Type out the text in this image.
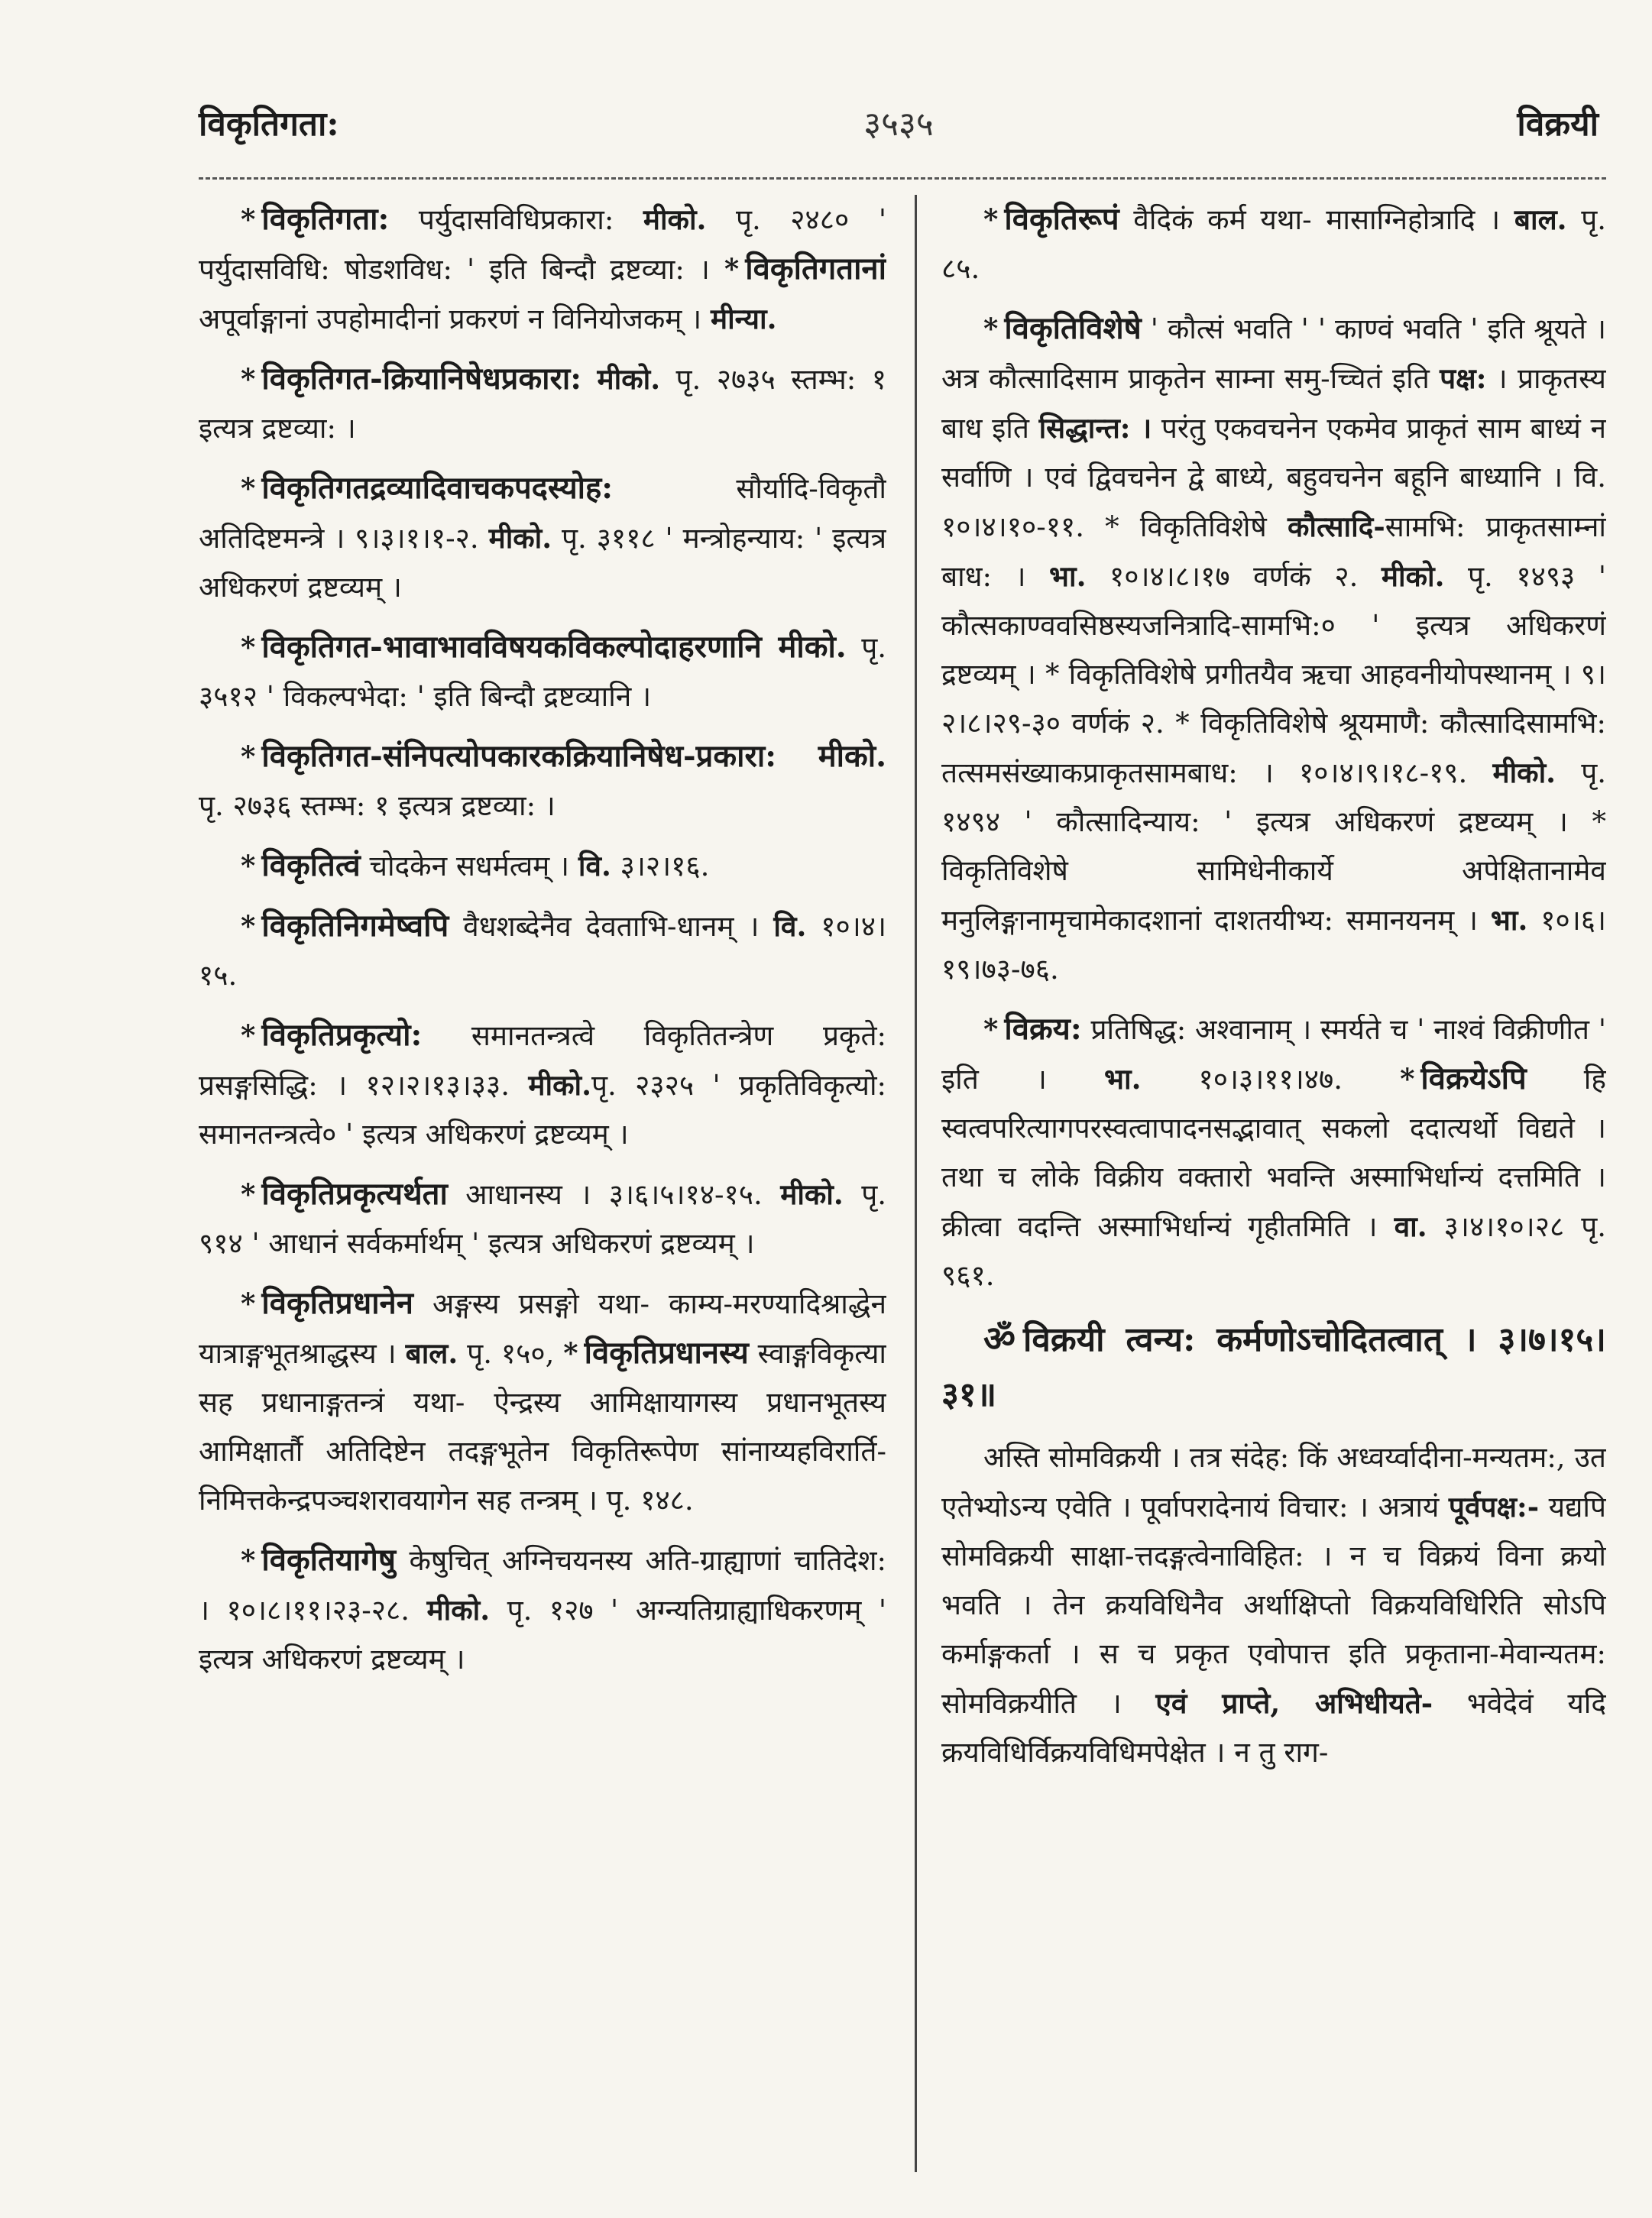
विकृतिगता:	३५३५	विक्रयी

* विकृतिगता: पर्युदासविधिप्रकारा: मीको. पृ. २४८० ' पर्युदासविधि: षोडशविध: ' इति बिन्दौ द्रष्टव्या: । * विकृतिगतानां अपूर्वाङ्गानां उपहोमादीनां प्रकरणं न विनियोजकम् । मीन्या.

* विकृतिगत-क्रियानिषेधप्रकारा: मीको. पृ. २७३५ स्तम्भ: १ इत्यत्र द्रष्टव्या: ।

* विकृतिगतद्रव्यादिवाचकपदस्योह: सौर्यादि-विकृतौ अतिदिष्टमन्त्रे । ९।३।१।१-२. मीको. पृ. ३११८ ' मन्त्रोहन्याय: ' इत्यत्र अधिकरणं द्रष्टव्यम् ।

* विकृतिगत-भावाभावविषयकविकल्पोदाहरणानि मीको. पृ. ३५१२ ' विकल्पभेदा: ' इति बिन्दौ द्रष्टव्यानि ।

* विकृतिगत-संनिपत्योपकारकक्रियानिषेध-प्रकारा: मीको. पृ. २७३६ स्तम्भ: १ इत्यत्र द्रष्टव्या: ।

* विकृतित्वं चोदकेन सधर्मत्वम् । वि. ३।२।१६.

* विकृतिनिगमेष्वपि वैधशब्देनैव देवताभि-धानम् । वि. १०।४।१५.

* विकृतिप्रकृत्यो: समानतन्त्रत्वे विकृतितन्त्रेण प्रकृते: प्रसङ्गसिद्धि: । १२।२।१३।३३. मीको.पृ. २३२५ ' प्रकृतिविकृत्यो: समानतन्त्रत्वे० ' इत्यत्र अधिकरणं द्रष्टव्यम् ।

* विकृतिप्रकृत्यर्थता आधानस्य । ३।६।५।१४-१५. मीको. पृ. ९१४ ' आधानं सर्वकर्मार्थम् ' इत्यत्र अधिकरणं द्रष्टव्यम् ।

* विकृतिप्रधानेन अङ्गस्य प्रसङ्गो यथा- काम्य-मरण्यादिश्राद्धेन यात्राङ्गभूतश्राद्धस्य । बाल. पृ. १५०, * विकृतिप्रधानस्य स्वाङ्गविकृत्या सह प्रधानाङ्गतन्त्रं यथा- ऐन्द्रस्य आमिक्षायागस्य प्रधानभूतस्य आमिक्षार्तौ अतिदिष्टेन तदङ्गभूतेन विकृतिरूपेण सांनाय्यहविरार्ति-निमित्तकेन्द्रपञ्चशरावयागेन सह तन्त्रम् । पृ. १४८.

* विकृतियागेषु केषुचित् अग्निचयनस्य अति-ग्राह्याणां चातिदेश: । १०।८।११।२३-२८. मीको. पृ. १२७ ' अग्न्यतिग्राह्याधिकरणम् ' इत्यत्र अधिकरणं द्रष्टव्यम् ।

* विकृतिरूपं वैदिकं कर्म यथा- मासाग्निहोत्रादि । बाल. पृ. ८५.

* विकृतिविशेषे ' कौत्सं भवति ' ' काण्वं भवति ' इति श्रूयते । अत्र कौत्सादिसाम प्राकृतेन साम्ना समु-च्चितं इति पक्ष: । प्राकृतस्य बाध इति सिद्धान्त: । परंतु एकवचनेन एकमेव प्राकृतं साम बाध्यं न सर्वाणि । एवं द्विवचनेन द्वे बाध्ये, बहुवचनेन बहूनि बाध्यानि । वि. १०।४।१०-११. * विकृतिविशेषे कौत्सादि-सामभि: प्राकृतसाम्नां बाध: । भा. १०।४।८।१७ वर्णकं २. मीको. पृ. १४९३ ' कौत्सकाण्ववसिष्ठस्यजनित्रादि-सामभि:० ' इत्यत्र अधिकरणं द्रष्टव्यम् । * विकृतिविशेषे प्रगीतयैव ऋचा आहवनीयोपस्थानम् । ९।२।८।२९-३० वर्णकं २. * विकृतिविशेषे श्रूयमाणै: कौत्सादिसामभि: तत्समसंख्याकप्राकृतसामबाध: । १०।४।९।१८-१९. मीको. पृ. १४९४ ' कौत्सादिन्याय: ' इत्यत्र अधिकरणं द्रष्टव्यम् । * विकृतिविशेषे सामिधेनीकार्ये अपेक्षितानामेव मनुलिङ्गानामृचामेकादशानां दाशतयीभ्य: समानयनम् । भा. १०।६।१९।७३-७६.

* विक्रय: प्रतिषिद्ध: अश्वानाम् । स्मर्यते च ' नाश्वं विक्रीणीत ' इति । भा. १०।३।११।४७. * विक्रयेऽपि हि स्वत्वपरित्यागपरस्वत्वापादनसद्भावात् सकलो ददात्यर्थो विद्यते । तथा च लोके विक्रीय वक्तारो भवन्ति अस्माभिर्धान्यं दत्तमिति । क्रीत्वा वदन्ति अस्माभिर्धान्यं गृहीतमिति । वा. ३।४।१०।२८ पृ. ९६१.

ॐ विक्रयी त्वन्य: कर्मणोऽचोदितत्वात् । ३।७।१५।३१॥

अस्ति सोमविक्रयी । तत्र संदेह: किं अध्वर्य्वादीना-मन्यतम:, उत एतेभ्योऽन्य एवेति । पूर्वापरादेनायं विचार: । अत्रायं पूर्वपक्ष:- यद्यपि सोमविक्रयी साक्षा-त्तदङ्गत्वेनाविहित: । न च विक्रयं विना क्रयो भवति । तेन क्रयविधिनैव अर्थाक्षिप्तो विक्रयविधिरिति सोऽपि कर्माङ्गकर्ता । स च प्रकृत एवोपात्त इति प्रकृताना-मेवान्यतम: सोमविक्रयीति । एवं प्राप्ते, अभिधीयते- भवेदेवं यदि क्रयविधिर्विक्रयविधिमपेक्षेत । न तु राग-
